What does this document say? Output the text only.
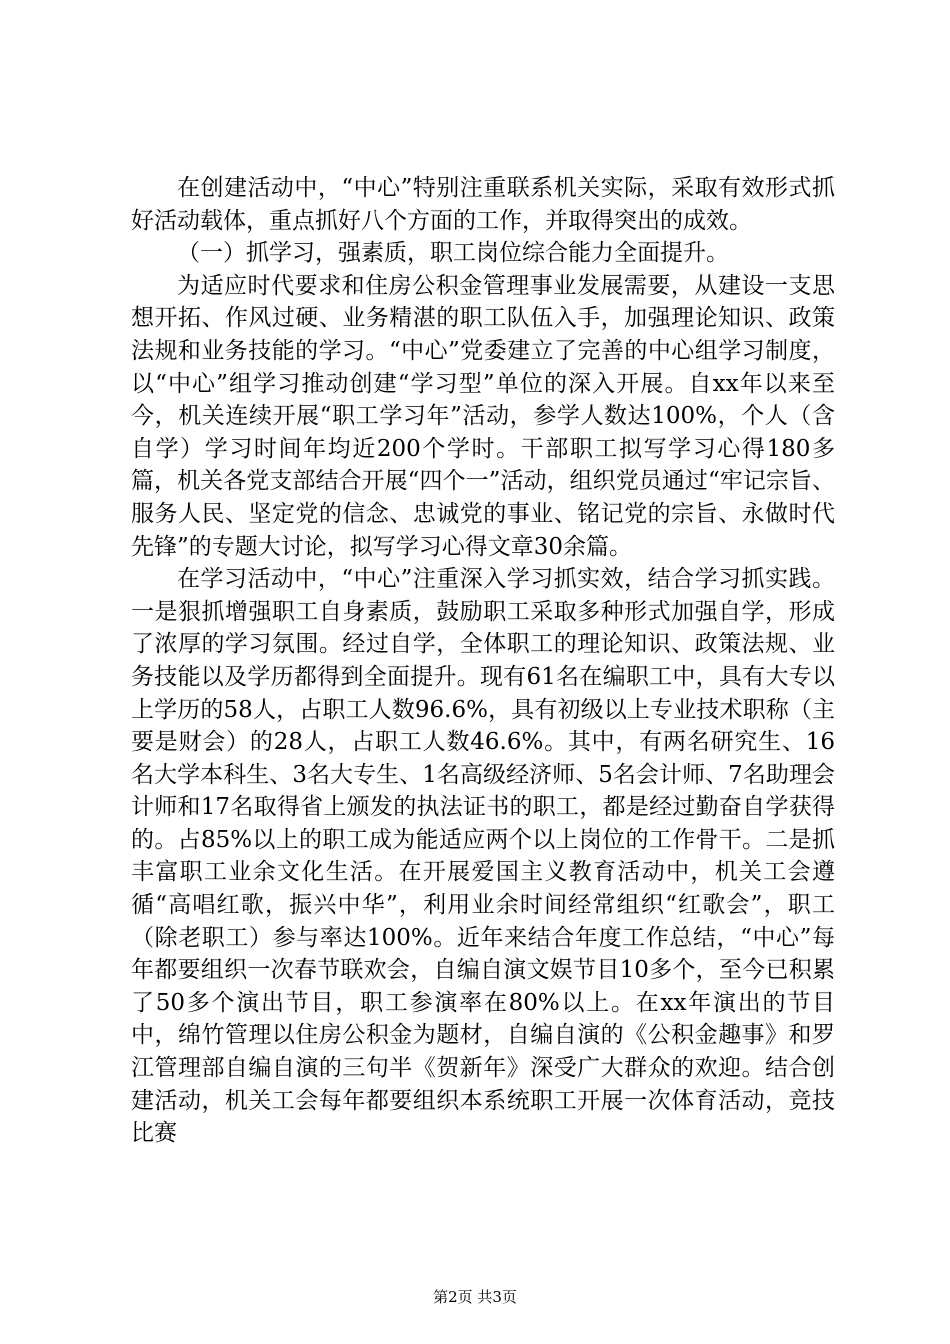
在创建活动中，“中心”特别注重联系机关实际，采取有效形式抓好活动载体，重点抓好八个方面的工作，并取得突出的成效。

（一）抓学习，强素质，职工岗位综合能力全面提升。

为适应时代要求和住房公积金管理事业发展需要，从建设一支思想开拓、作风过硬、业务精湛的职工队伍入手，加强理论知识、政策法规和业务技能的学习。“中心”党委建立了完善的中心组学习制度，以“中心”组学习推动创建“学习型”单位的深入开展。自xx年以来至今，机关连续开展“职工学习年”活动，参学人数达100%，个人（含自学）学习时间年均近200个学时。干部职工拟写学习心得180多篇，机关各党支部结合开展“四个一”活动，组织党员通过“牢记宗旨、服务人民、坚定党的信念、忠诚党的事业、铭记党的宗旨、永做时代先锋”的专题大讨论，拟写学习心得文章30余篇。

在学习活动中，“中心”注重深入学习抓实效，结合学习抓实践。一是狠抓增强职工自身素质，鼓励职工采取多种形式加强自学，形成了浓厚的学习氛围。经过自学，全体职工的理论知识、政策法规、业务技能以及学历都得到全面提升。现有61名在编职工中，具有大专以上学历的58人，占职工人数96.6%，具有初级以上专业技术职称（主要是财会）的28人，占职工人数46.6%。其中，有两名研究生、16名大学本科生、3名大专生、1名高级经济师、5名会计师、7名助理会计师和17名取得省上颁发的执法证书的职工，都是经过勤奋自学获得的。占85%以上的职工成为能适应两个以上岗位的工作骨干。二是抓丰富职工业余文化生活。在开展爱国主义教育活动中，机关工会遵循“高唱红歌，振兴中华”，利用业余时间经常组织“红歌会”，职工（除老职工）参与率达100%。近年来结合年度工作总结，“中心”每年都要组织一次春节联欢会，自编自演文娱节目10多个，至今已积累了50多个演出节目，职工参演率在80%以上。在xx年演出的节目中，绵竹管理以住房公积金为题材，自编自演的《公积金趣事》和罗江管理部自编自演的三句半《贺新年》深受广大群众的欢迎。结合创建活动，机关工会每年都要组织本系统职工开展一次体育活动，竞技比赛

第2页 共3页
